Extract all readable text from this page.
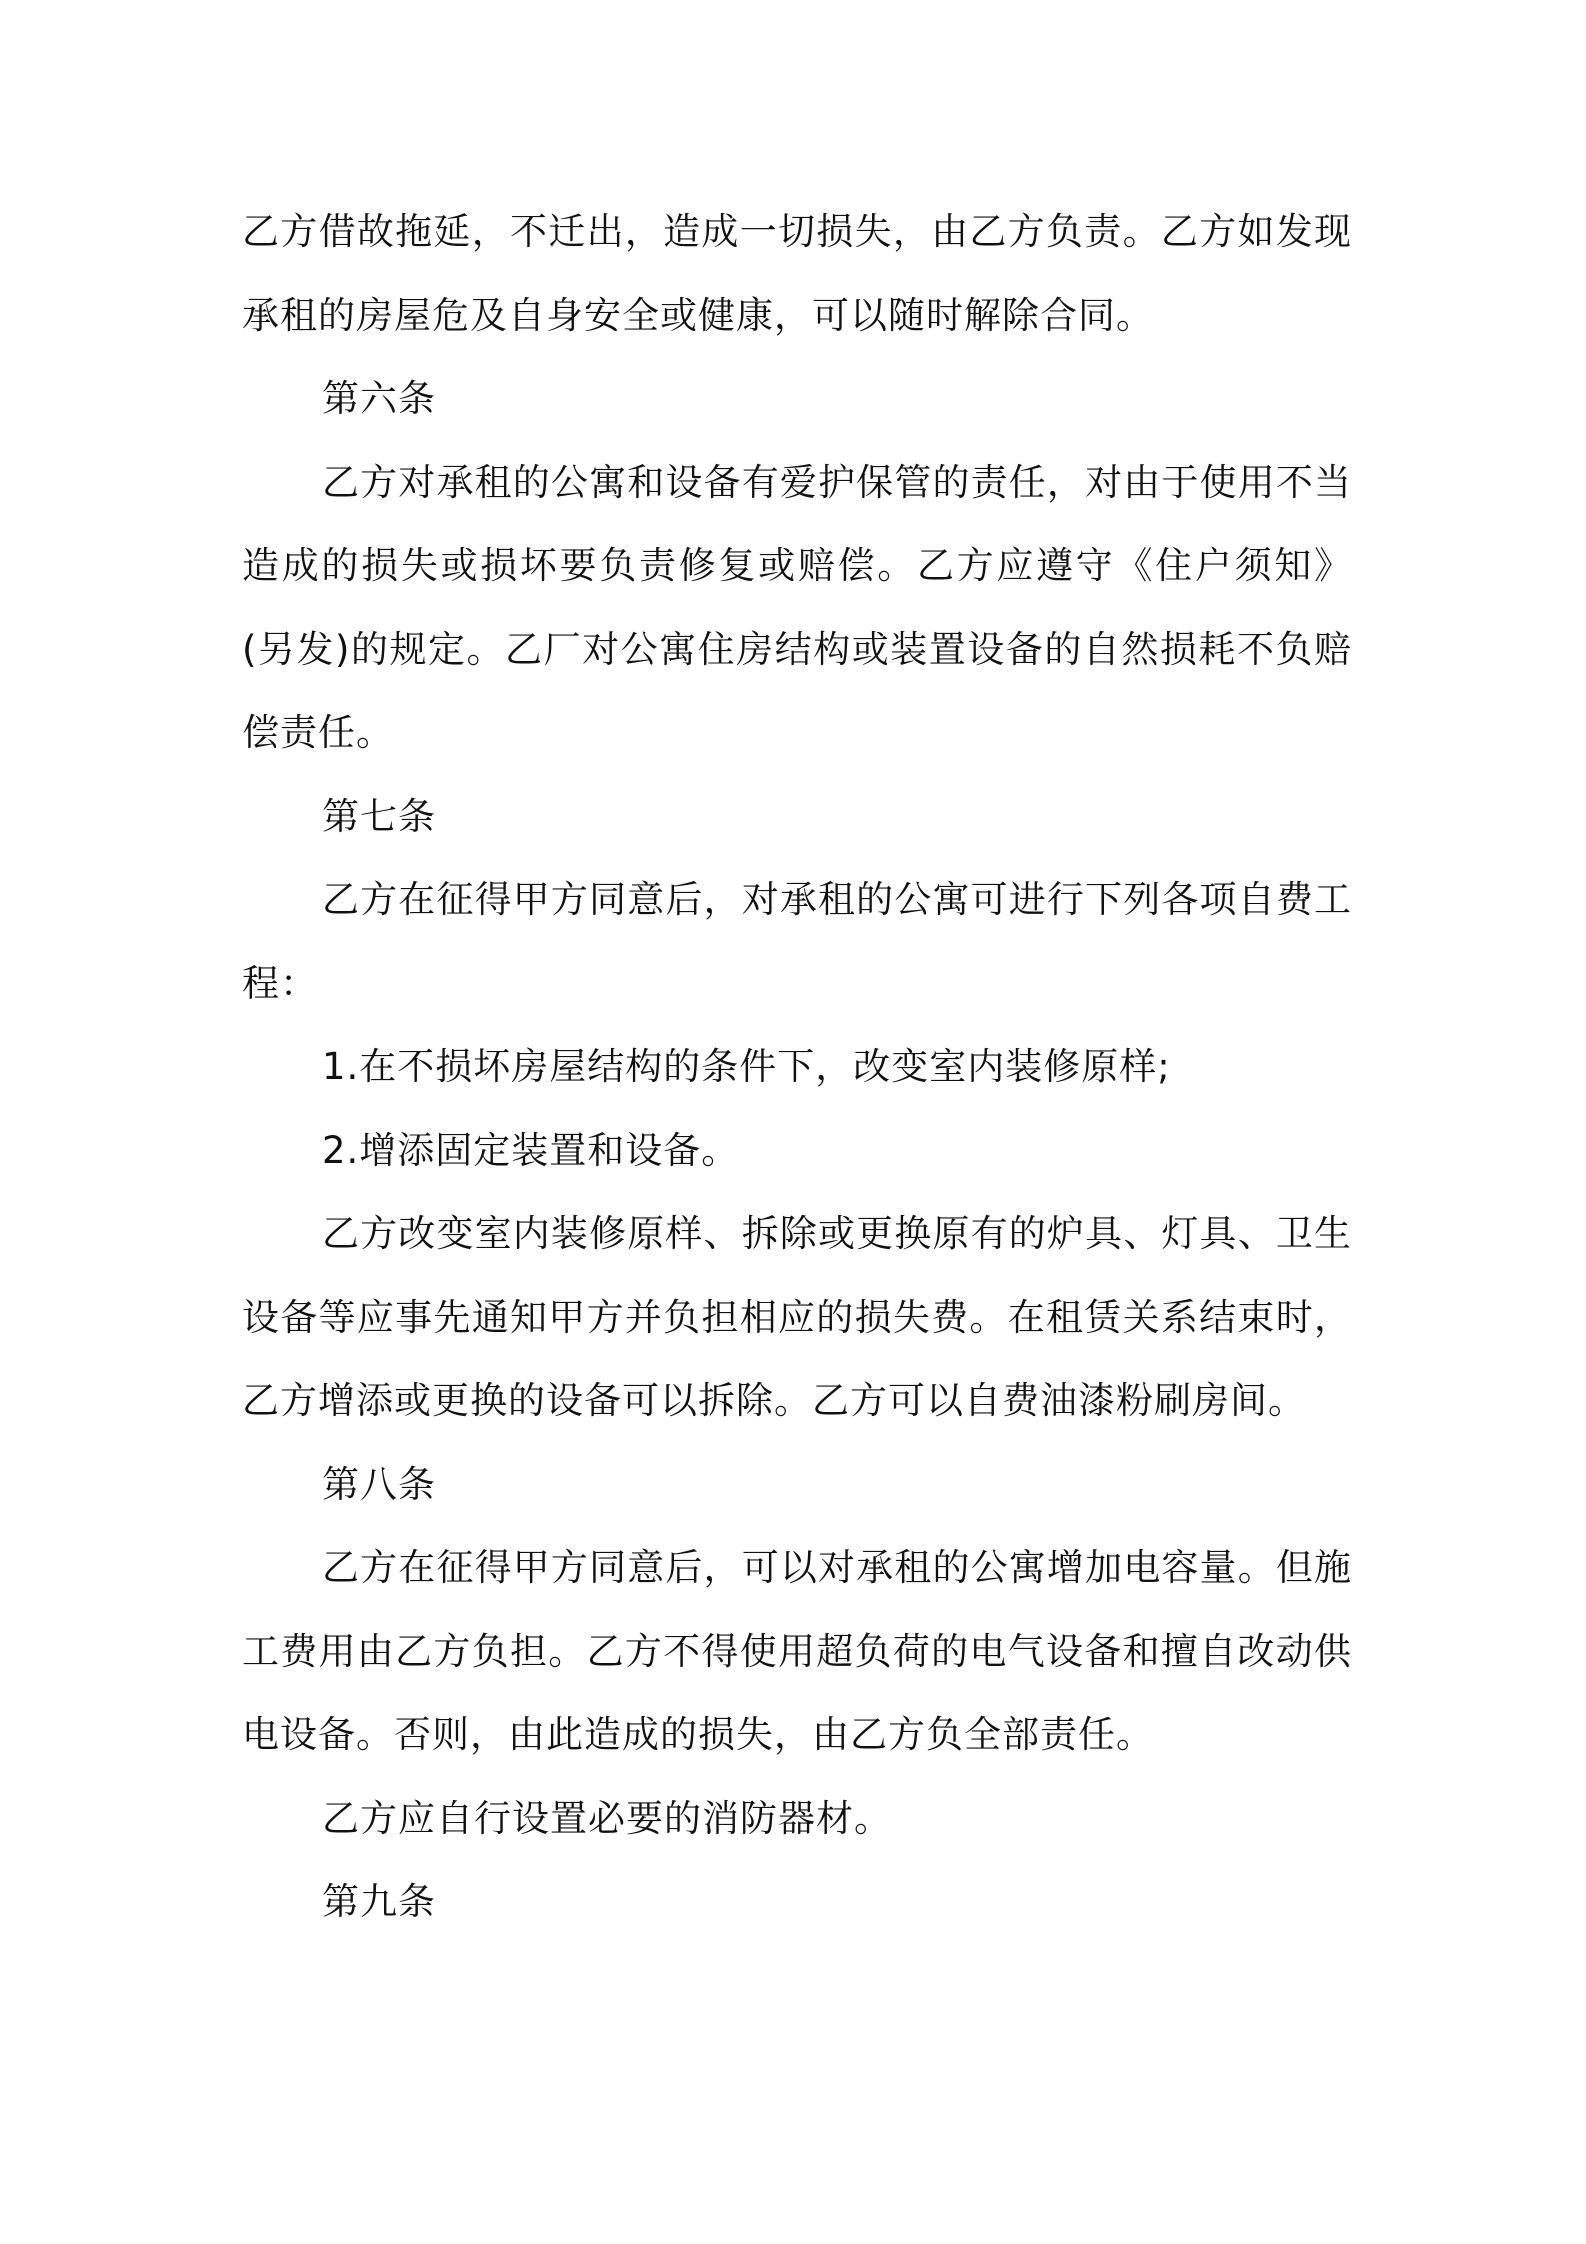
乙方借故拖延，不迁出，造成一切损失，由乙方负责。乙方如发现承租的房屋危及自身安全或健康，可以随时解除合同。

第六条

乙方对承租的公寓和设备有爱护保管的责任，对由于使用不当造成的损失或损坏要负责修复或赔偿。乙方应遵守《住户须知》(另发)的规定。乙厂对公寓住房结构或装置设备的自然损耗不负赔偿责任。

第七条

乙方在征得甲方同意后，对承租的公寓可进行下列各项自费工程：

1.在不损坏房屋结构的条件下，改变室内装修原样;

2.增添固定装置和设备。

乙方改变室内装修原样、拆除或更换原有的炉具、灯具、卫生设备等应事先通知甲方并负担相应的损失费。在租赁关系结束时，乙方增添或更换的设备可以拆除。乙方可以自费油漆粉刷房间。

第八条

乙方在征得甲方同意后，可以对承租的公寓增加电容量。但施工费用由乙方负担。乙方不得使用超负荷的电气设备和擅自改动供电设备。否则，由此造成的损失，由乙方负全部责任。

乙方应自行设置必要的消防器材。

第九条
